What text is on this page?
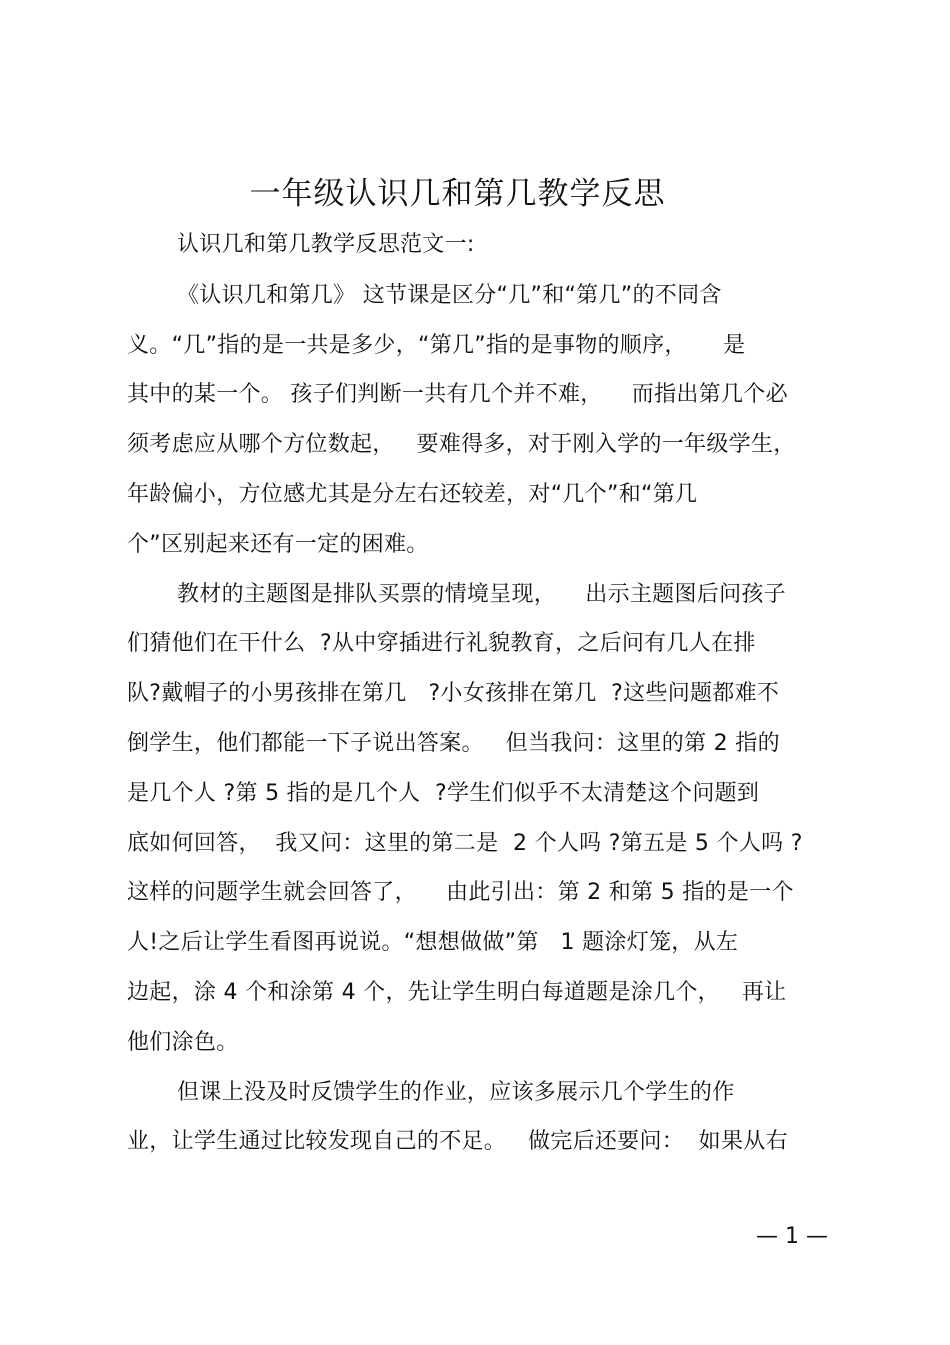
一年级认识几和第几教学反思
认识几和第几教学反思范文一:
《认识几和第几》 这节课是区分“几”和“第几”的不同含
义。“几”指的是一共是多少，“第几”指的是事物的顺序，     是
其中的某一个。 孩子们判断一共有几个并不难，    而指出第几个必
须考虑应从哪个方位数起，   要难得多，对于刚入学的一年级学生，
年龄偏小，方位感尤其是分左右还较差，对“几个”和“第几
个”区别起来还有一定的困难。
教材的主题图是排队买票的情境呈现，    出示主题图后问孩子
们猜他们在干什么  ?从中穿插进行礼貌教育，之后问有几人在排
队?戴帽子的小男孩排在第几   ?小女孩排在第几  ?这些问题都难不
倒学生，他们都能一下子说出答案。   但当我问：这里的第 2 指的
是几个人 ?第 5 指的是几个人  ?学生们似乎不太清楚这个问题到
底如何回答，  我又问：这里的第二是  2 个人吗 ?第五是 5 个人吗 ?
这样的问题学生就会回答了，    由此引出：第 2 和第 5 指的是一个
人!之后让学生看图再说说。“想想做做”第   1 题涂灯笼，从左
边起，涂 4 个和涂第 4 个，先让学生明白每道题是涂几个，   再让
他们涂色。
但课上没及时反馈学生的作业，应该多展示几个学生的作
业，让学生通过比较发现自己的不足。   做完后还要问：  如果从右
— 1 —
